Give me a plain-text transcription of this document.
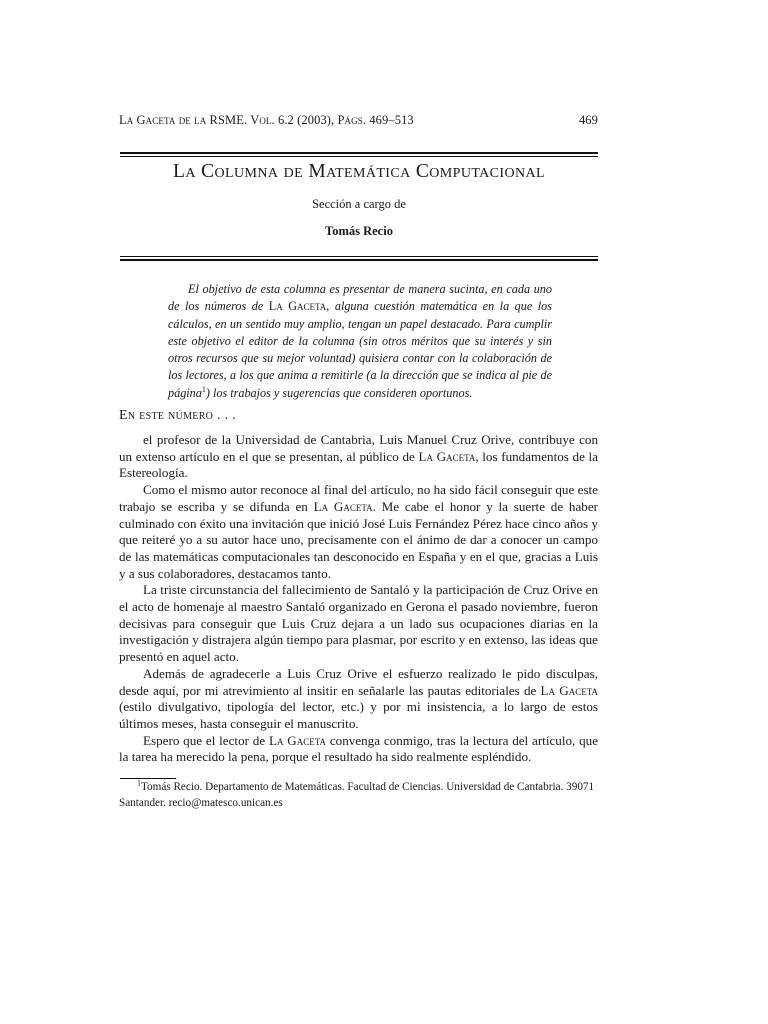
La Gaceta de la RSME. Vol. 6.2 (2003), Págs. 469–513	469
La Columna de Matemática Computacional
Sección a cargo de
Tomás Recio

El objetivo de esta columna es presentar de manera sucinta, en cada uno de los números de La Gaceta, alguna cuestión matemática en la que los cálculos, en un sentido muy amplio, tengan un papel destacado. Para cumplir este objetivo el editor de la columna (sin otros méritos que su interés y sin otros recursos que su mejor voluntad) quisiera contar con la colaboración de los lectores, a los que anima a remitirle (a la dirección que se indica al pie de página$^1$) los trabajos y sugerencias que consideren oportunos.

En este número . . .

el profesor de la Universidad de Cantabria, Luis Manuel Cruz Orive, contribuye con un extenso artículo en el que se presentan, al público de La Gaceta, los fundamentos de la Estereología.

Como el mismo autor reconoce al final del artículo, no ha sido fácil conseguir que este trabajo se escriba y se difunda en La Gaceta. Me cabe el honor y la suerte de haber culminado con éxito una invitación que inició José Luis Fernández Pérez hace cinco años y que reiteré yo a su autor hace uno, precisamente con el ánimo de dar a conocer un campo de las matemáticas computacionales tan desconocido en España y en el que, gracias a Luis y a sus colaboradores, destacamos tanto.

La triste circunstancia del fallecimiento de Santaló y la participación de Cruz Orive en el acto de homenaje al maestro Santaló organizado en Gerona el pasado noviembre, fueron decisivas para conseguir que Luis Cruz dejara a un lado sus ocupaciones diarias en la investigación y distrajera algún tiempo para plasmar, por escrito y en extenso, las ideas que presentó en aquel acto.

Además de agradecerle a Luis Cruz Orive el esfuerzo realizado le pido disculpas, desde aquí, por mi atrevimiento al insitir en señalarle las pautas editoriales de La Gaceta (estilo divulgativo, tipología del lector, etc.) y por mi insistencia, a lo largo de estos últimos meses, hasta conseguir el manuscrito.

Espero que el lector de La Gaceta convenga conmigo, tras la lectura del artículo, que la tarea ha merecido la pena, porque el resultado ha sido realmente espléndido.

$^1$Tomás Recio. Departamento de Matemáticas. Facultad de Ciencias. Universidad de Cantabria. 39071 Santander. recio@matesco.unican.es
